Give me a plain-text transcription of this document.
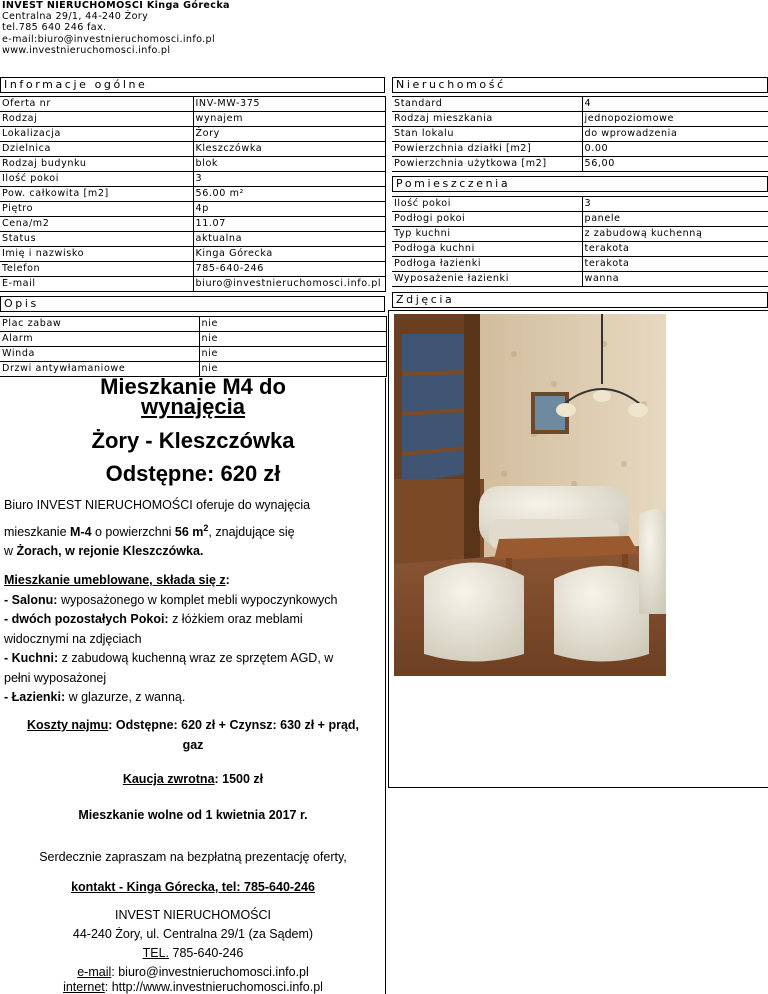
INVEST NIERUCHOMOŚCI Kinga Górecka
Centralna 29/1, 44-240 Żory
tel.785 640 246 fax.
e-mail:biuro@investnieruchomosci.info.pl
www.investnieruchomosci.info.pl
Informacje ogólne	Nieruchomość
Pomieszczenia
Opis	Zdjęcia
Oferta nr	INV-MW-375
Rodzaj	wynajem
Lokalizacja	Żory
Dzielnica	Kleszczówka
Rodzaj budynku	blok
Ilość pokoi	3
Pow. całkowita [m2]	56.00 m²
Piętro	4p
Cena/m2	11.07
Status	aktualna
Imię i nazwisko	Kinga Górecka
Telefon	785-640-246
E-mail	biuro@investnieruchomosci.info.pl
Standard	4
Rodzaj mieszkania	jednopoziomowe
Stan lokalu	do wprowadzenia
Powierzchnia działki [m2]	0.00
Powierzchnia użytkowa [m2]	56,00
Ilość pokoi	3
Podłogi pokoi	panele
Typ kuchni	z zabudową kuchenną
Podłoga kuchni	terakota
Podłoga łazienki	terakota
Wyposażenie łazienki	wanna
Plac zabaw	nie
Alarm	nie
Winda	nie
Drzwi antywłamaniowe	nie
Mieszkanie M4 do
wynajęcia
Żory - Kleszczówka
Odstępne: 620 zł
Biuro INVEST NIERUCHOMOŚCI oferuje do wynajęcia
mieszkanie M-4 o powierzchni 56 $m^2$, znajdujące się
w Żorach, w rejonie Kleszczówka.
Mieszkanie umeblowane, składa się z:
- Salonu: wyposażonego w komplet mebli wypoczynkowych
- dwóch pozostałych Pokoi: z łóżkiem oraz meblami
widocznymi na zdjęciach
- Kuchni: z zabudową kuchenną wraz ze sprzętem AGD, w
pełni wyposażonej
- Łazienki: w glazurze, z wanną.
Koszty najmu: Odstępne: 620 zł + Czynsz: 630 zł + prąd,
gaz
Kaucja zwrotna: 1500 zł
Mieszkanie wolne od 1 kwietnia 2017 r.
Serdecznie zapraszam na bezpłatną prezentację oferty,
kontakt - Kinga Górecka, tel: 785-640-246
INVEST NIERUCHOMOŚCI
44-240 Żory, ul. Centralna 29/1 (za Sądem)
TEL. 785-640-246
e-mail: biuro@investnieruchomosci.info.pl
internet: http://www.investnieruchomosci.info.pl
